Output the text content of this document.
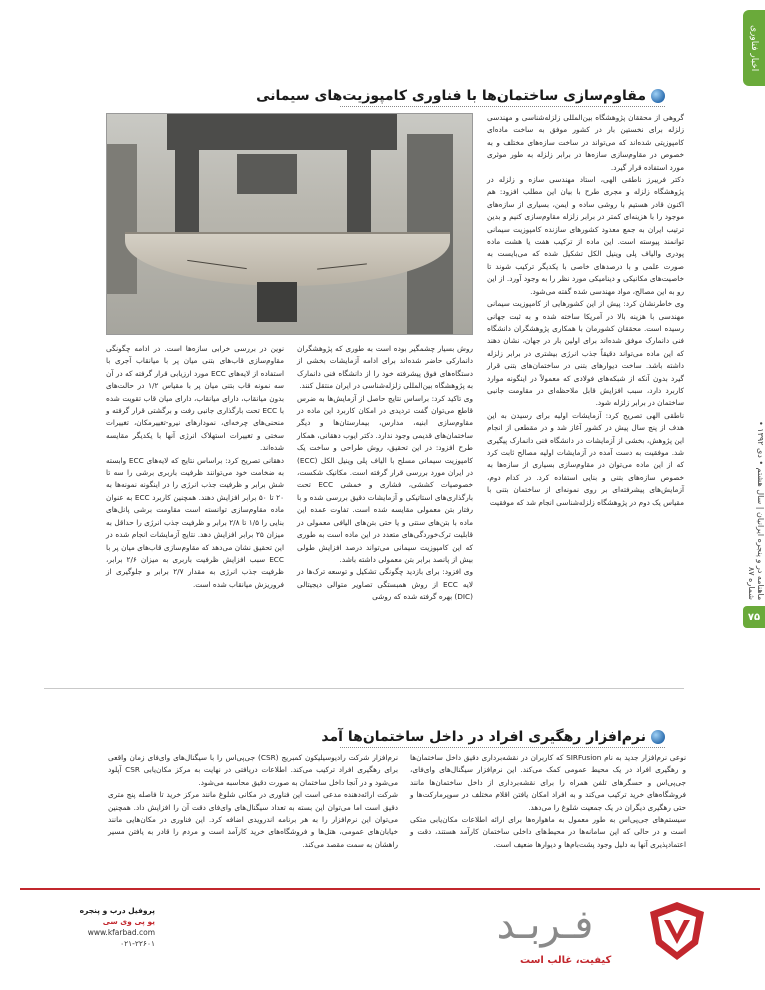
اخبار فناوری
ماهنامه در و پنجره ایرانیان | سال هشتم • دی ۱۳۹۲ • شماره ۸۷
۷۵
مقاوم‌سازی ساختمان‌ها با فناوری کامپوزیت‌های سیمانی

گروهی از محققان پژوهشگاه بین‌المللی زلزله‌شناسی و مهندسی زلزله برای نخستین بار در کشور موفق به ساخت ماده‌ای کامپوزیتی شده‌اند که می‌تواند در ساخت سازه‌های مختلف و به خصوص در مقاوم‌سازی سازه‌ها در برابر زلزله به طور موثری مورد استفاده قرار گیرد.

دکتر فریبرز ناطقی الهی، استاد مهندسی سازه و زلزله در پژوهشگاه زلزله و مجری طرح با بیان این مطلب افزود: هم اکنون قادر هستیم با روشی ساده و ایمن، بسیاری از سازه‌های موجود را با هزینه‌ای کمتر در برابر زلزله مقاوم‌سازی کنیم و بدین ترتیب ایران به جمع معدود کشورهای سازنده کامپوزیت سیمانی توانمند پیوسته است. این ماده از ترکیب هفت یا هشت ماده پودری والیاف پلی وینیل الکل تشکیل شده که می‌بایست به صورت علمی و با درصدهای خاصی با یکدیگر ترکیب شوند تا خاصیت‌های مکانیکی و دینامیکی مورد نظر را به وجود آورد. از این رو به این مصالح، مواد مهندسی شده گفته می‌شود.

وی خاطرنشان کرد: پیش از این کشورهایی از کامپوزیت سیمانی مهندسی با هزینه بالا در آمریکا ساخته شده و به ثبت جهانی رسیده است. محققان کشورمان با همکاری پژوهشگران دانشگاه فنی دانمارک موفق شده‌اند برای اولین بار در جهان، نشان دهند که این ماده می‌تواند دقیقاً جذب انرژی بیشتری در برابر زلزله داشته باشد. ساخت دیوارهای بتنی در ساختمان‌های بتنی قرار گیرد بدون آنکه از شبکه‌های فولادی که معمولاً در اینگونه موارد کاربرد دارد، سبب افزایش قابل ملاحظه‌ای در مقاومت جانبی ساختمان در برابر زلزله شود.

ناطقی الهی تصریح کرد: آزمایشات اولیه برای رسیدن به این هدف از پنج سال پیش در کشور آغاز شد و در مقطعی از انجام این پژوهش، بخشی از آزمایشات در دانشگاه فنی دانمارک پیگیری شد. موفقیت به دست آمده در آزمایشات اولیه مصالح ثابت کرد که از این ماده می‌توان در مقاوم‌سازی بسیاری از سازه‌ها به خصوص سازه‌های بتنی و بنایی استفاده کرد. در کدام دوم، آزمایش‌های پیشرفته‌ای بر روی نمونه‌ای از ساختمان بتنی با مقیاس یک دوم در پژوهشگاه زلزله‌شناسی انجام شد که موفقیت

روش بسیار چشمگیر بوده است به طوری که پژوهشگران دانمارکی حاضر شده‌اند برای ادامه آزمایشات بخشی از دستگاه‌های فوق پیشرفته خود را از دانشگاه فنی دانمارک به پژوهشگاه بین‌المللی زلزله‌شناسی در ایران منتقل کنند.

وی تاکید کرد: براساس نتایج حاصل از آزمایش‌ها به ضرس قاطع می‌توان گفت تردیدی در امکان کاربرد این ماده در مقاوم‌سازی ابنیه، مدارس، بیمارستان‌ها و دیگر ساختمان‌های قدیمی وجود ندارد. دکتر ایوب دهقانی، همکار طرح افزود: در این تحقیق، روش طراحی و ساخت یک کامپوزیت سیمانی مسلح با الیاف پلی وینیل الکل (ECC) در ایران مورد بررسی قرار گرفته است. مکانیک شکست، خصوصیات کششی، فشاری و خمشی ECC تحت بارگذاری‌های استاتیکی و آزمایشات دقیق بررسی شده و با رفتار بتن معمولی مقایسه شده است. تفاوت عمده این ماده با بتن‌های سنتی و یا حتی بتن‌های الیافی معمولی در قابلیت ترک‌خوردگی‌های متعدد در این ماده است به طوری که این کامپوزیت سیمانی می‌تواند درصد افزایش طولی بیش از پانصد برابر بتن معمولی داشته باشد.

وی افزود: برای بازدید چگونگی تشکیل و توسعه ترک‌ها در لایه ECC از روش همبستگی تصاویر متوالی دیجیتالی (DIC) بهره گرفته شده که روشی

نوین در بررسی خرابی سازه‌ها است. در ادامه چگونگی مقاوم‌سازی قاب‌های بتنی میان پر با میانقاب آجری با استفاده از لایه‌های ECC مورد ارزیابی قرار گرفته که در آن سه نمونه قاب بتنی میان پر با مقیاس ۱/۲ در حالت‌های بدون میانقاب، دارای میانقاب، دارای میان قاب تقویت شده با ECC تحت بارگذاری جانبی رفت و برگشتی قرار گرفته و منحنی‌های چرخه‌ای، نمودارهای نیرو-تغییرمکان، تغییرات سختی و تغییرات استهلاک انرژی آنها با یکدیگر مقایسه شده‌اند.

دهقانی تصریح کرد: براساس نتایج که لایه‌های ECC وابسته به ضخامت خود می‌توانند ظرفیت باربری برشی را سه تا شش برابر و ظرفیت جذب انرژی را در اینگونه نمونه‌ها به ۲۰ تا ۵۰ برابر افزایش دهند. همچنین کاربرد ECC به عنوان ماده مقاوم‌سازی توانسته است مقاومت برشی پانل‌های بنایی را ۱/۵ تا ۲/۸ برابر و ظرفیت جذب انرژی را حداقل به میزان ۲۵ برابر افزایش دهد. نتایج آزمایشات انجام شده در این تحقیق نشان می‌دهد که مقاوم‌سازی قاب‌های میان پر با ECC سبب افزایش ظرفیت باربری به میزان ۲/۶ برابر، ظرفیت جذب انرژی به مقدار ۲/۷ برابر و جلوگیری از فروریزش میانقاب شده است.

نرم‌افزار رهگیری افراد در داخل ساختمان‌ها آمد

نوعی نرم‌افزار جدید به نام SIRFusion که کاربران در نقشه‌برداری دقیق داخل ساختمان‌ها و رهگیری افراد در یک محیط عمومی کمک می‌کند. این نرم‌افزار سیگنال‌های وای‌فای، جی‌پی‌اس و حسگرهای تلفن همراه را برای نقشه‌برداری از داخل ساختمان‌ها مانند فروشگاه‌های خرید ترکیب می‌کند و به افراد امکان یافتن اقلام مختلف در سوپرمارکت‌ها و حتی رهگیری دیگران در یک جمعیت شلوغ را می‌دهد.

سیستم‌های جی‌پی‌اس به طور معمول به ماهواره‌ها برای ارائه اطلاعات مکان‌یابی متکی است و در حالی که این سامانه‌ها در محیط‌های داخلی ساختمان کارآمد هستند، دقت و اعتمادپذیری آنها به دلیل وجود پشت‌بام‌ها و دیوارها ضعیف است.

نرم‌افزار شرکت رادیوسیلیکون کمبریج (CSR) جی‌پی‌اس را با سیگنال‌های وای‌فای زمان واقعی برای رهگیری افراد ترکیب می‌کند. اطلاعات دریافتی در نهایت به مرکز مکان‌یابی CSR آپلود می‌شود و در آنجا داخل ساختمان به صورت دقیق محاسبه می‌شود.

شرکت ارائه‌دهنده مدعی است این فناوری در مکانی شلوغ مانند مرکز خرید تا فاصله پنج متری دقیق است اما می‌توان این بسته به تعداد سیگنال‌های وای‌فای دقت آن را افزایش داد. همچنین می‌توان این نرم‌افزار را به هر برنامه اندرویدی اضافه کرد. این فناوری در مکان‌هایی مانند خیابان‌های عمومی، هتل‌ها و فروشگاه‌های خرید کارآمد است و مردم را قادر به یافتن مسیر راهشان به سمت مقصد می‌کند.

پروفیل درب و پنجره
یو پی وی سی
www.kfarbad.com
۰۲۱-۲۲۶۰۱	فـربـد
کیفیت، غالب است
